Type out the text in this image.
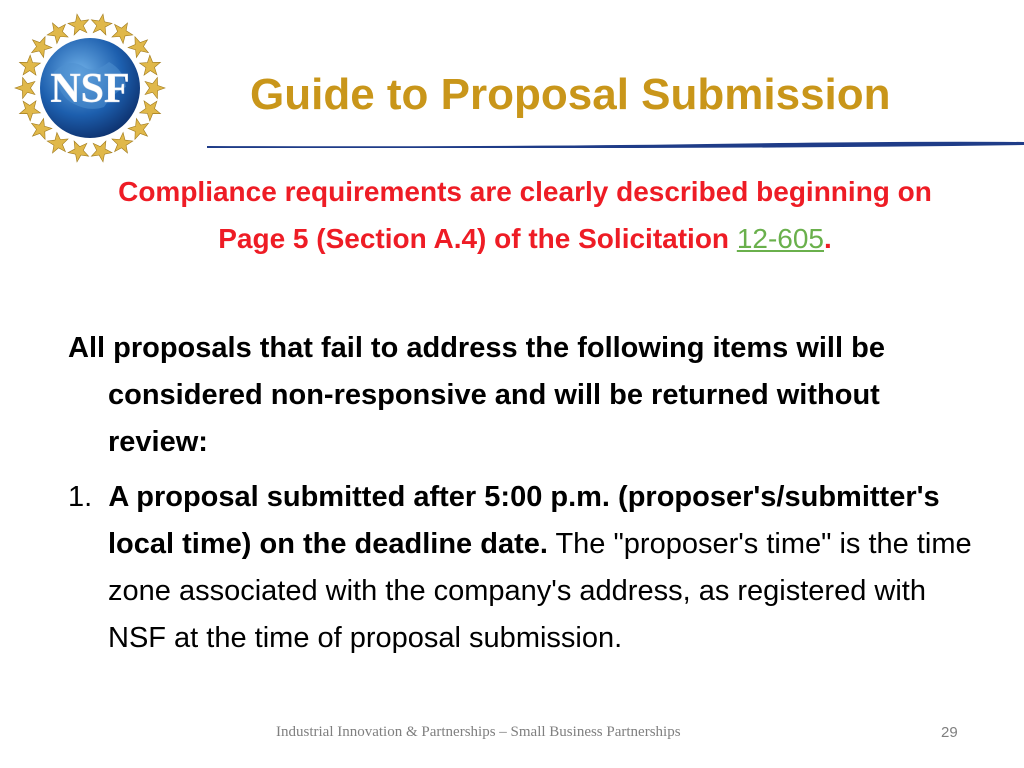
NSF	Guide to Proposal Submission
Compliance requirements are clearly described beginning on Page 5 (Section A.4) of the Solicitation 12-605.

All proposals that fail to address the following items will be considered non-responsive and will be returned without review:

1. A proposal submitted after 5:00 p.m. (proposer's/submitter's local time) on the deadline date. The "proposer's time" is the time zone associated with the company's address, as registered with NSF at the time of proposal submission.

Industrial Innovation & Partnerships – Small Business Partnerships	29
